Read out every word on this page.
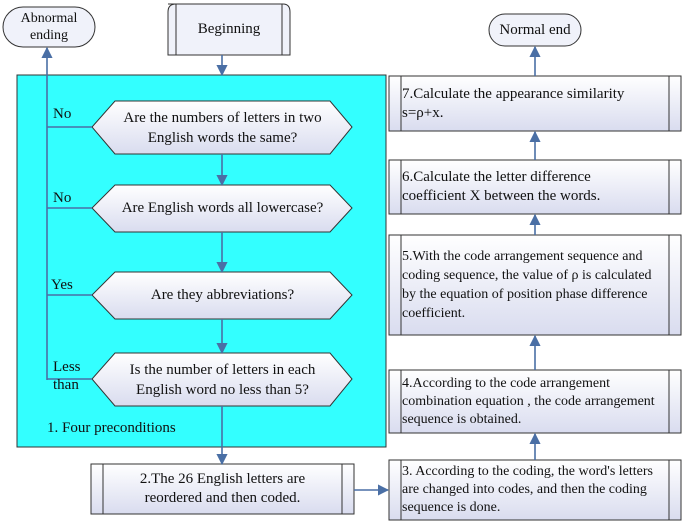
Abnormal
ending	Beginning	Normal end
Are the numbers of letters in two
English words the same?
Are English words all lowercase?
Are they abbreviations?
Is the number of letters in each
English word no less than 5?
No
No
Yes
Less
than
1. Four preconditions
2.The 26 English letters are
reordered and then coded.
3. According to the coding, the word's letters
are changed into codes, and then the coding
sequence is done.
4.According to the code arrangement
combination equation , the code arrangement
sequence is obtained.
5.With the code arrangement sequence and
coding sequence, the value of ρ is calculated
by the equation of position phase difference
coefficient.
6.Calculate the letter difference
coefficient X between the words.
7.Calculate the appearance similarity
s=ρ+x.
